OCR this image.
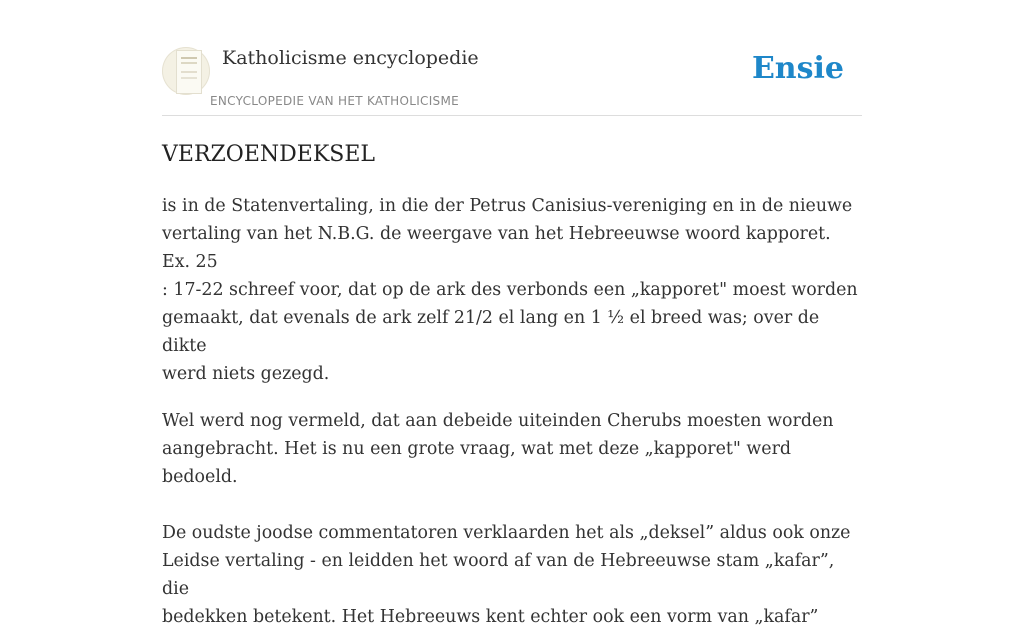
Katholicisme encyclopedie
ENCYCLOPEDIE VAN HET KATHOLICISME
Ensie
VERZOENDEKSEL

is in de Statenvertaling, in die der Petrus Canisius-vereniging en in de nieuwe
vertaling van het N.B.G. de weergave van het Hebreeuwse woord kapporet. Ex. 25
: 17-22 schreef voor, dat op de ark des verbonds een „kapporet" moest worden
gemaakt, dat evenals de ark zelf 21/2 el lang en 1 ½ el breed was; over de dikte
werd niets gezegd.

Wel werd nog vermeld, dat aan debeide uiteinden Cherubs moesten worden
aangebracht. Het is nu een grote vraag, wat met deze „kapporet" werd bedoeld.

De oudste joodse commentatoren verklaarden het als „deksel” aldus ook onze
Leidse vertaling - en leidden het woord af van de Hebreeuwse stam „kafar”, die
bedekken betekent. Het Hebreeuws kent echter ook een vorm van „kafar”
